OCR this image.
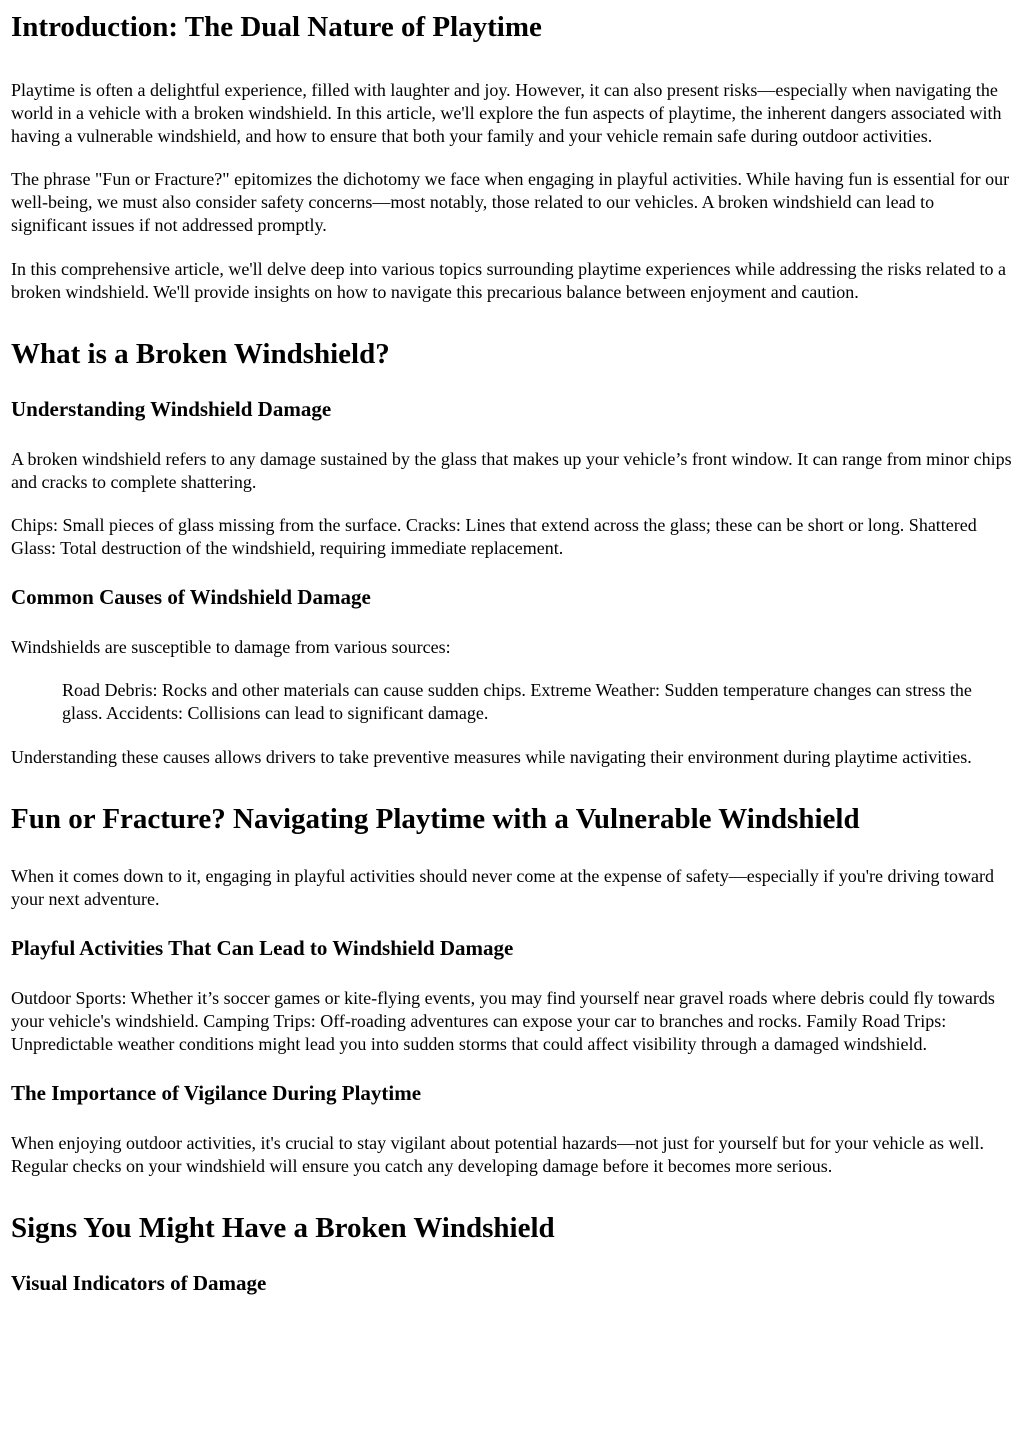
Introduction: The Dual Nature of Playtime

Playtime is often a delightful experience, filled with laughter and joy. However, it can also present risks—especially when navigating the world in a vehicle with a broken windshield. In this article, we'll explore the fun aspects of playtime, the inherent dangers associated with having a vulnerable windshield, and how to ensure that both your family and your vehicle remain safe during outdoor activities.

The phrase "Fun or Fracture?" epitomizes the dichotomy we face when engaging in playful activities. While having fun is essential for our well-being, we must also consider safety concerns—most notably, those related to our vehicles. A broken windshield can lead to significant issues if not addressed promptly.

In this comprehensive article, we'll delve deep into various topics surrounding playtime experiences while addressing the risks related to a broken windshield. We'll provide insights on how to navigate this precarious balance between enjoyment and caution.

What is a Broken Windshield?
Understanding Windshield Damage

A broken windshield refers to any damage sustained by the glass that makes up your vehicle’s front window. It can range from minor chips and cracks to complete shattering.

Chips: Small pieces of glass missing from the surface. Cracks: Lines that extend across the glass; these can be short or long. Shattered Glass: Total destruction of the windshield, requiring immediate replacement.

Common Causes of Windshield Damage

Windshields are susceptible to damage from various sources:

Road Debris: Rocks and other materials can cause sudden chips. Extreme Weather: Sudden temperature changes can stress the glass. Accidents: Collisions can lead to significant damage.

Understanding these causes allows drivers to take preventive measures while navigating their environment during playtime activities.

Fun or Fracture? Navigating Playtime with a Vulnerable Windshield

When it comes down to it, engaging in playful activities should never come at the expense of safety—especially if you're driving toward your next adventure.

Playful Activities That Can Lead to Windshield Damage

Outdoor Sports: Whether it’s soccer games or kite-flying events, you may find yourself near gravel roads where debris could fly towards your vehicle's windshield. Camping Trips: Off-roading adventures can expose your car to branches and rocks. Family Road Trips: Unpredictable weather conditions might lead you into sudden storms that could affect visibility through a damaged windshield.

The Importance of Vigilance During Playtime

When enjoying outdoor activities, it's crucial to stay vigilant about potential hazards—not just for yourself but for your vehicle as well. Regular checks on your windshield will ensure you catch any developing damage before it becomes more serious.

Signs You Might Have a Broken Windshield
Visual Indicators of Damage
